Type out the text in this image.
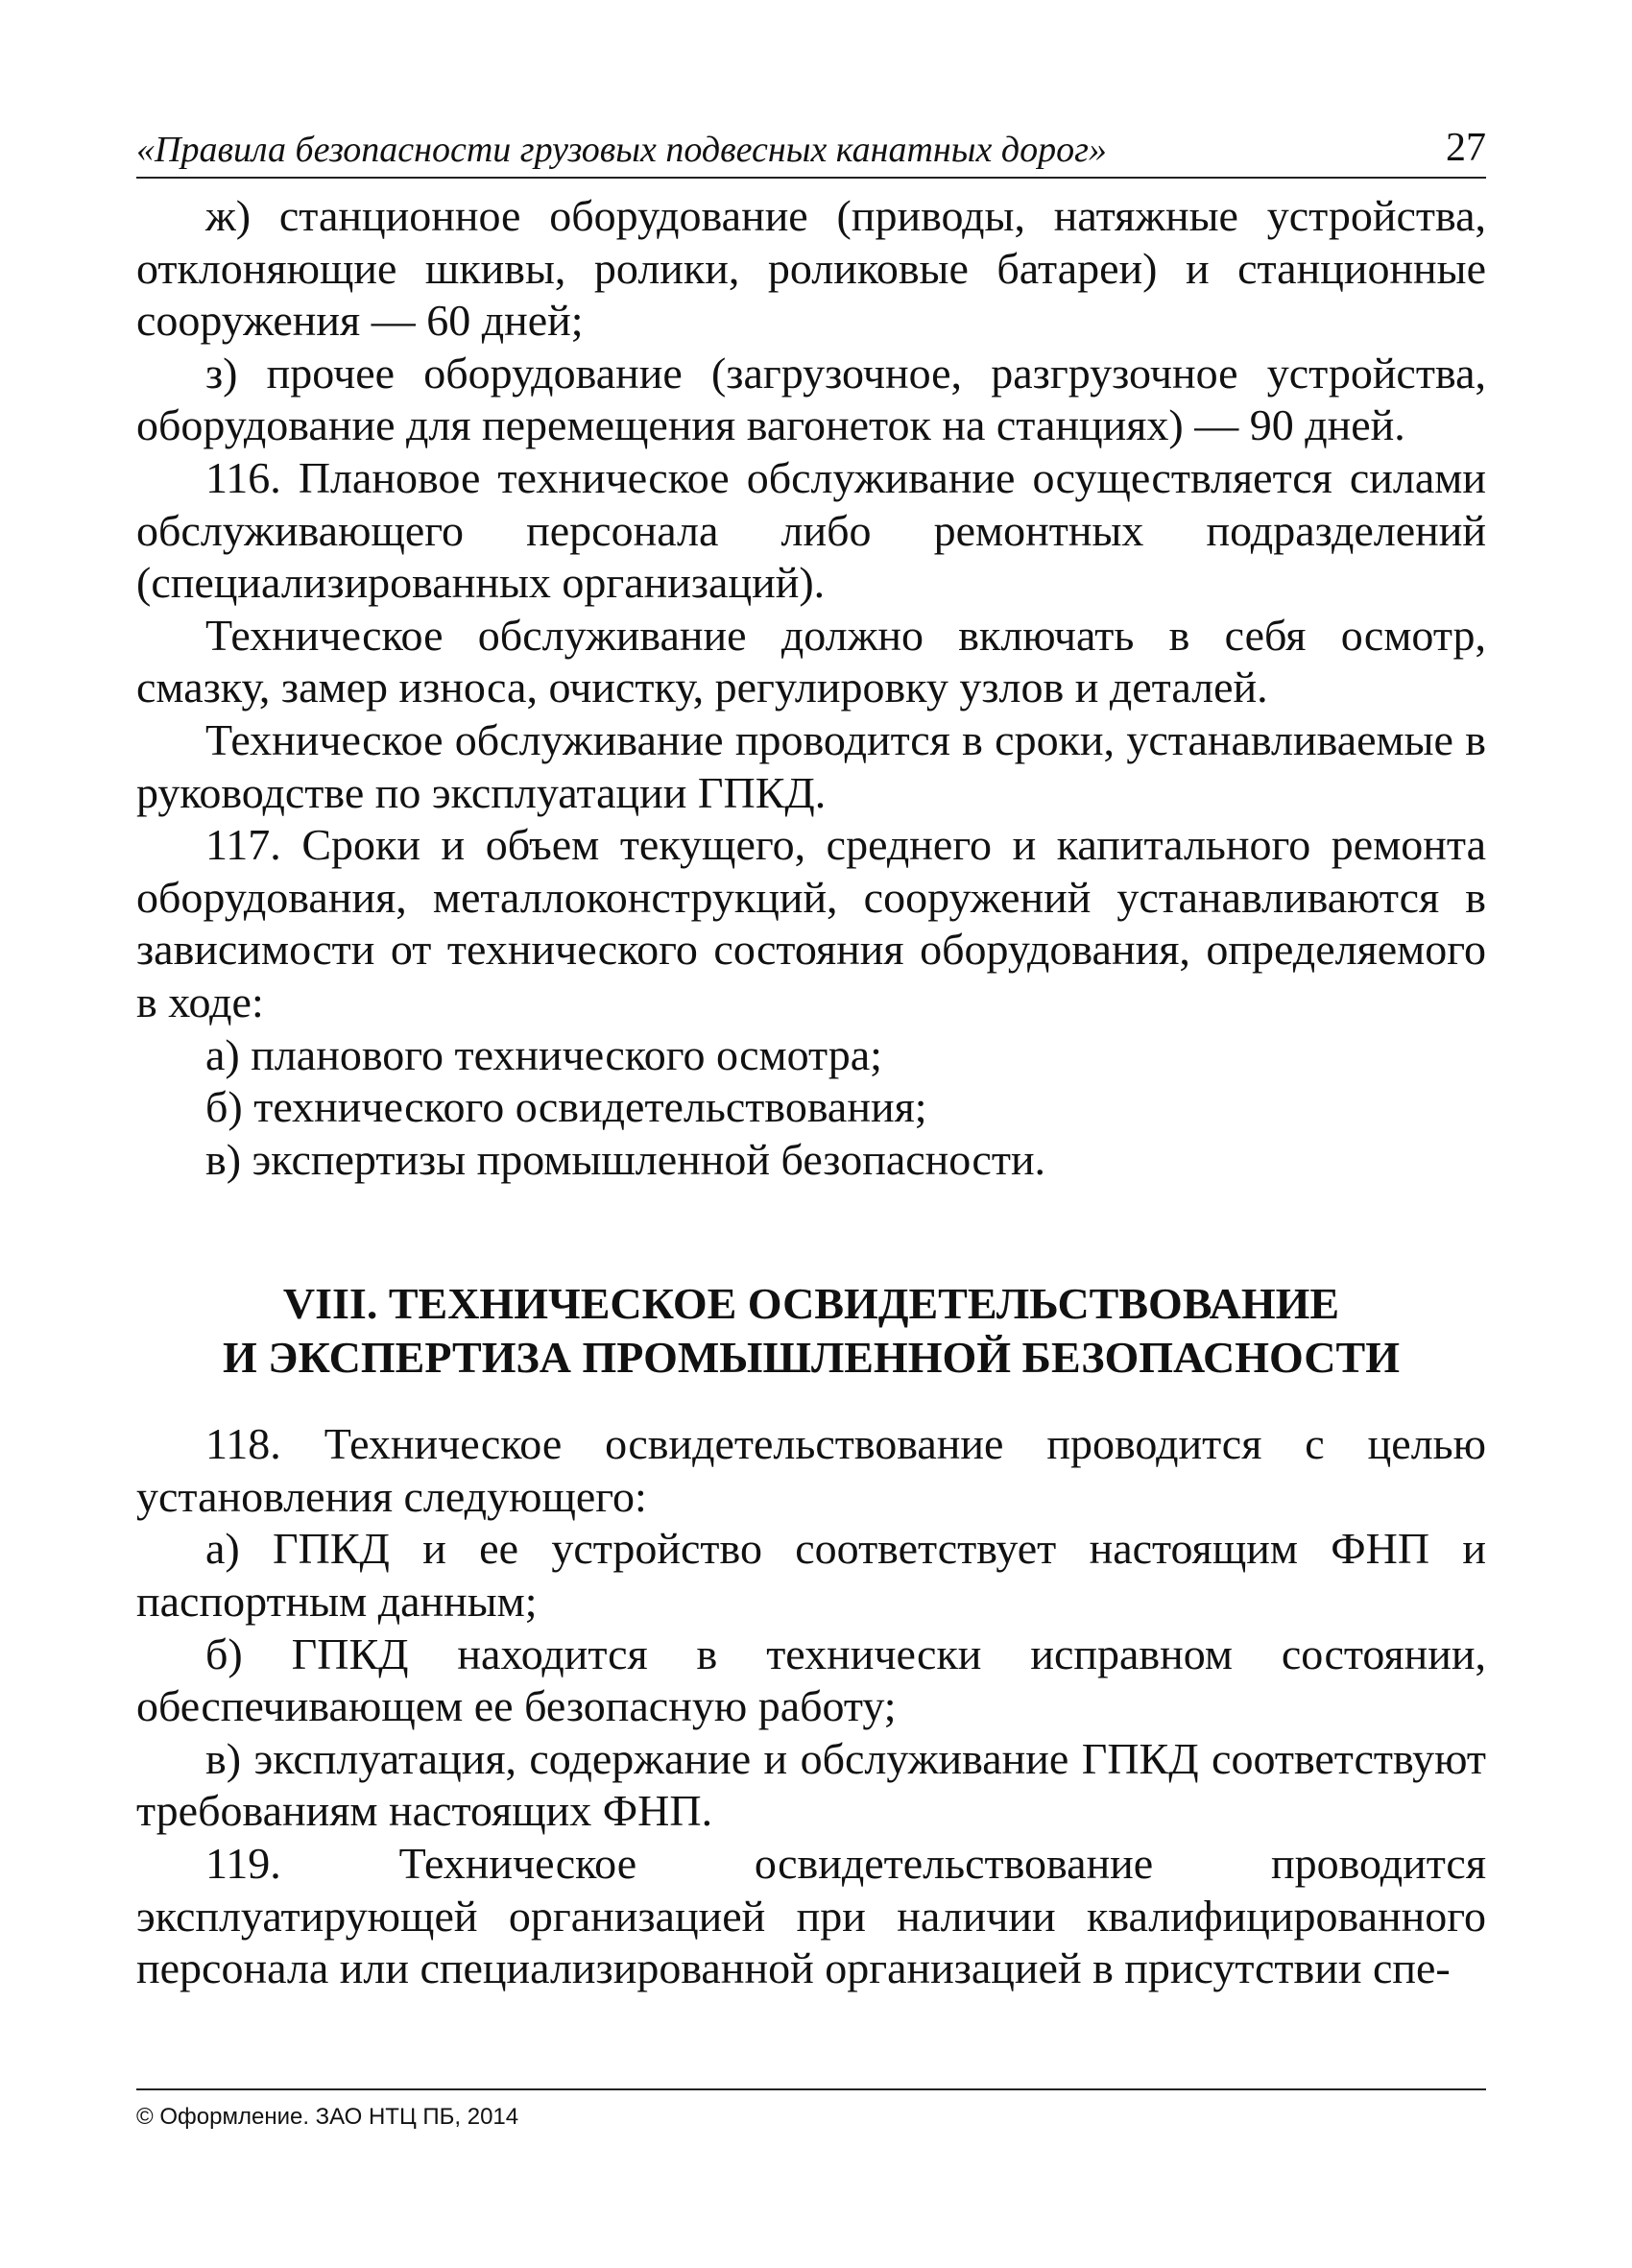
«Правила безопасности грузовых подвесных канатных дорог»	27

ж) станционное оборудование (приводы, натяжные устройства, отклоняющие шкивы, ролики, роликовые батареи) и станционные сооружения — 60 дней;

з) прочее оборудование (загрузочное, разгрузочное устройства, оборудование для перемещения вагонеток на станциях) — 90 дней.

116. Плановое техническое обслуживание осуществляется силами обслуживающего персонала либо ремонтных подразделений (специализированных организаций).

Техническое обслуживание должно включать в себя осмотр, смазку, замер износа, очистку, регулировку узлов и деталей.

Техническое обслуживание проводится в сроки, устанавливаемые в руководстве по эксплуатации ГПКД.

117. Сроки и объем текущего, среднего и капитального ремонта оборудования, металлоконструкций, сооружений устанавливаются в зависимости от технического состояния оборудования, определяемого в ходе:

а) планового технического осмотра;

б) технического освидетельствования;

в) экспертизы промышленной безопасности.

VIII. ТЕХНИЧЕСКОЕ ОСВИДЕТЕЛЬСТВОВАНИЕ
И ЭКСПЕРТИЗА ПРОМЫШЛЕННОЙ БЕЗОПАСНОСТИ

118. Техническое освидетельствование проводится с целью установления следующего:

а) ГПКД и ее устройство соответствует настоящим ФНП и паспортным данным;

б) ГПКД находится в технически исправном состоянии, обеспечивающем ее безопасную работу;

в) эксплуатация, содержание и обслуживание ГПКД соответствуют требованиям настоящих ФНП.

119. Техническое освидетельствование проводится эксплуатирующей организацией при наличии квалифицированного персонала или специализированной организацией в присутствии спе-

© Оформление. ЗАО НТЦ ПБ, 2014
